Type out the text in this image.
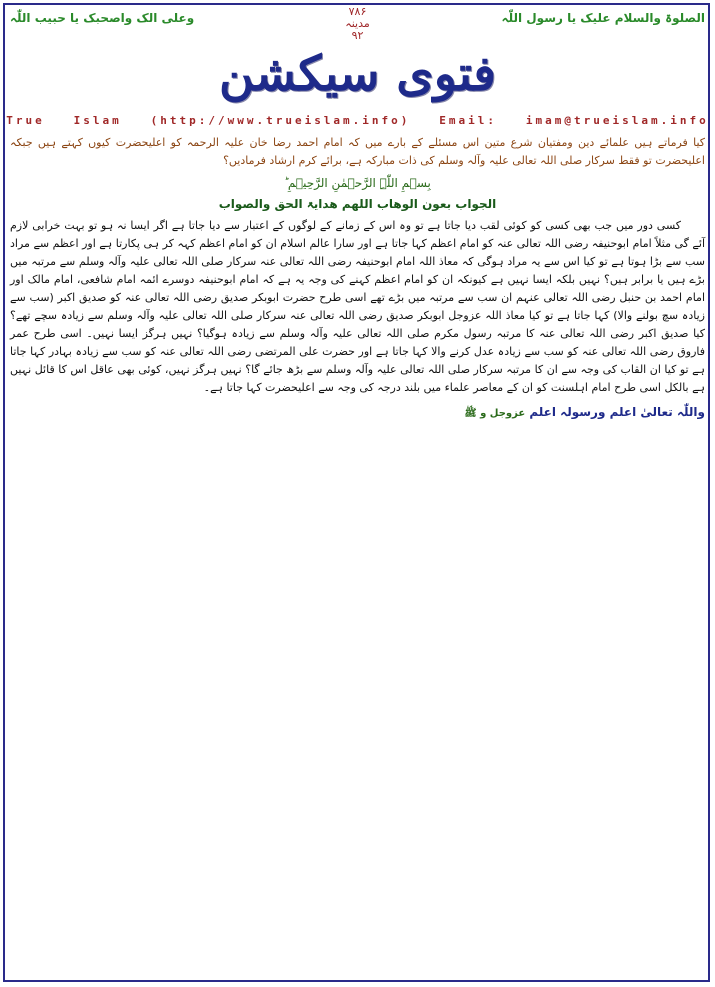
الصلوۃ والسلام علیک یا رسول اللّٰہ
وعلی الک واصحبک یا حبیب اللّٰہ	۷۸۶
مدینہ
۹۲
فتوی سیکشن
True   Islam   (http://www.trueislam.info)   Email:   imam@trueislam.info
کیا فرماتے ہیں علمائے دین ومفتیان شرع متین اس مسئلے کے بارے میں کہ امام احمد رضا خان علیہ الرحمہ کو اعلیحضرت کیوں کہتے ہیں جبکہ اعلیحضرت تو فقط سرکار صلی اللہ تعالی علیہ وآلہ وسلم کی ذات مبارکہ ہے، برائے کرم ارشاد فرمادیں؟
بِسۡمِ اللّٰہِ الرَّحۡمٰنِ الرَّحِیۡمِ ؕ
الجواب بعون الوھاب اللھم ھدایۃ الحق والصواب
کسی دور میں جب بھی کسی کو کوئی لقب دیا جاتا ہے تو وہ اس کے زمانے کے لوگوں کے اعتبار سے دیا جاتا ہے اگر ایسا نہ ہو تو بہت خرابی لازم آئے گی مثلاً امام ابوحنیفہ رضی اللہ تعالی عنہ کو امام اعظم کہا جاتا ہے اور سارا عالم اسلام ان کو امام اعظم کہہ کر ہی پکارتا ہے اور اعظم سے مراد سب سے بڑا ہوتا ہے تو کیا اس سے یہ مراد ہوگی کہ معاذ اللہ امام ابوحنیفہ رضی اللہ تعالی عنہ سرکار صلی اللہ تعالی علیہ وآلہ وسلم سے مرتبہ میں بڑے ہیں یا برابر ہیں؟ نہیں بلکہ ایسا نہیں ہے کیونکہ ان کو امام اعظم کہنے کی وجہ یہ ہے کہ امام ابوحنیفہ دوسرے ائمہ امام شافعی، امام مالک اور امام احمد بن حنبل رضی اللہ تعالی عنہم ان سب سے مرتبہ میں بڑے تھے اسی طرح حضرت ابوبکر صدیق رضی اللہ تعالی عنہ کو صدیق اکبر (سب سے زیادہ سچ بولنے والا) کہا جاتا ہے تو کیا معاذ اللہ عزوجل ابوبکر صدیق رضی اللہ تعالی عنہ سرکار صلی اللہ تعالی علیہ وآلہ وسلم سے زیادہ سچے تھے؟ کیا صدیق اکبر رضی اللہ تعالی عنہ کا مرتبہ رسول مکرم صلی اللہ تعالی علیہ وآلہ وسلم سے زیادہ ہوگیا؟ نہیں ہرگز ایسا نہیں۔ اسی طرح عمر فاروق رضی اللہ تعالی عنہ کو سب سے زیادہ عدل کرنے والا کہا جاتا ہے اور حضرت علی المرتضی رضی اللہ تعالی عنہ کو سب سے زیادہ بہادر کہا جاتا ہے تو کیا ان القاب کی وجہ سے ان کا مرتبہ سرکار صلی اللہ تعالی علیہ وآلہ وسلم سے بڑھ جائے گا؟ نہیں ہرگز نہیں، کوئی بھی عاقل اس کا قائل نہیں ہے بالکل اسی طرح امام اہلسنت کو ان کے معاصر علماء میں بلند درجہ کی وجہ سے اعلیحضرت کہا جاتا ہے۔
واللّٰہ تعالیٰ اعلم ورسولہ اعلم عزوجل و ﷺ
